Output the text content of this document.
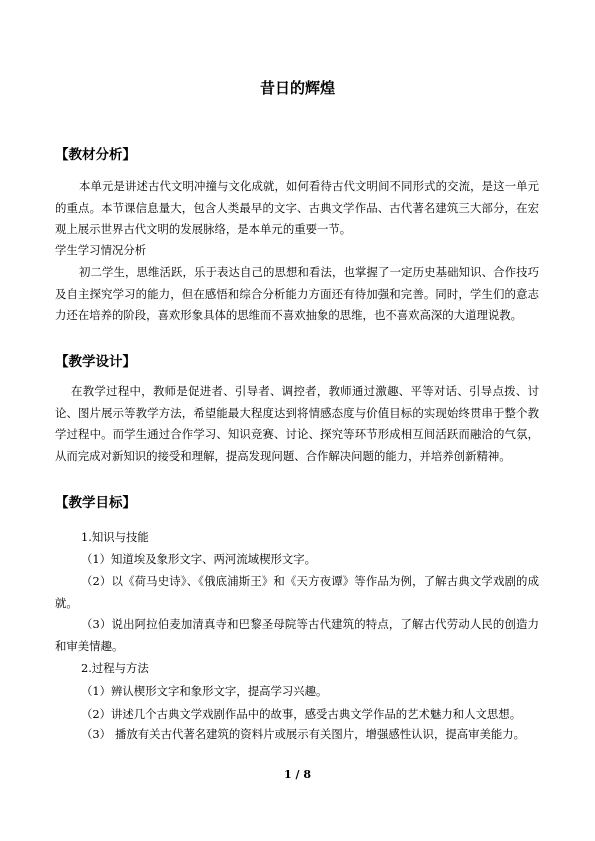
昔日的辉煌
【教材分析】
本单元是讲述古代文明冲撞与文化成就，如何看待古代文明间不同形式的交流，是这一单元的重点。本节课信息量大，包含人类最早的文字、古典文学作品、古代著名建筑三大部分，在宏观上展示世界古代文明的发展脉络，是本单元的重要一节。
学生学习情况分析
初二学生，思维活跃，乐于表达自己的思想和看法，也掌握了一定历史基础知识、合作技巧及自主探究学习的能力，但在感悟和综合分析能力方面还有待加强和完善。同时，学生们的意志力还在培养的阶段，喜欢形象具体的思维而不喜欢抽象的思维，也不喜欢高深的大道理说教。
【教学设计】
在教学过程中，教师是促进者、引导者、调控者，教师通过激趣、平等对话、引导点拨、讨论、图片展示等教学方法，希望能最大程度达到将情感态度与价值目标的实现始终贯串于整个教学过程中。而学生通过合作学习、知识竞赛、讨论、探究等环节形成相互间活跃而融洽的气氛，从而完成对新知识的接受和理解，提高发现问题、合作解决问题的能力，并培养创新精神。
【教学目标】
1.知识与技能
（1）知道埃及象形文字、两河流域楔形文字。
（2）以《荷马史诗》、《俄底浦斯王》和《天方夜谭》等作品为例，了解古典文学戏剧的成就。
（3）说出阿拉伯麦加清真寺和巴黎圣母院等古代建筑的特点，了解古代劳动人民的创造力和审美情趣。
2.过程与方法
（1）辨认楔形文字和象形文字，提高学习兴趣。
（2）讲述几个古典文学戏剧作品中的故事，感受古典文学作品的艺术魅力和人文思想。
（3） 播放有关古代著名建筑的资料片或展示有关图片，增强感性认识，提高审美能力。
1 / 8
